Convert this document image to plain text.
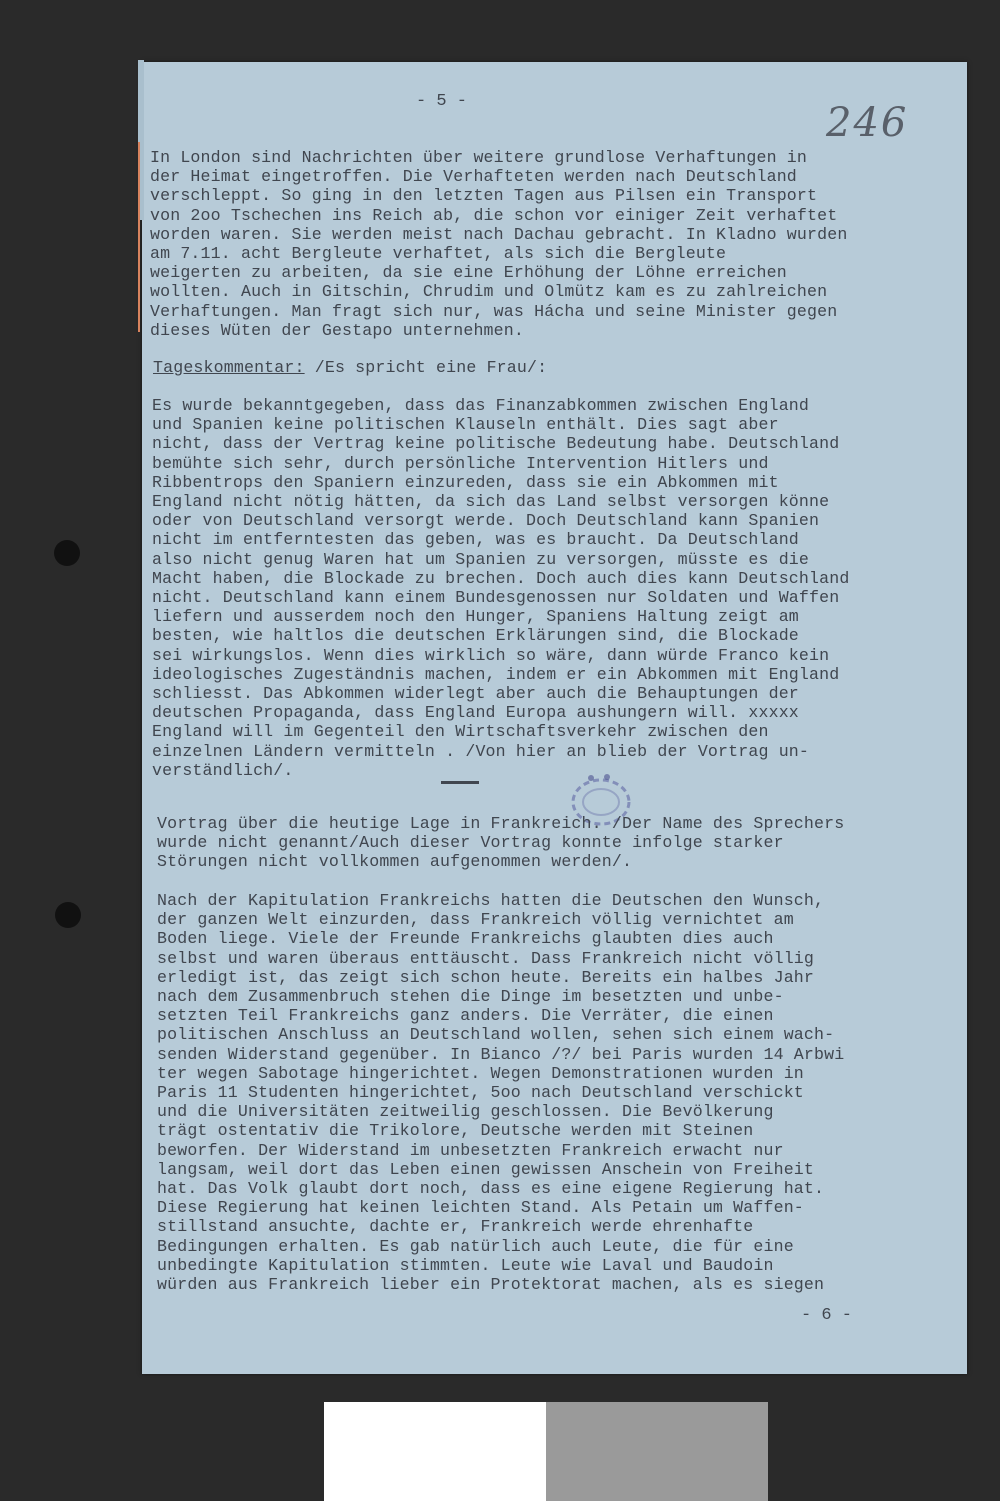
- 5 -	246
In London sind Nachrichten über weitere grundlose Verhaftungen in
der Heimat eingetroffen. Die Verhafteten werden nach Deutschland
verschleppt. So ging in den letzten Tagen aus Pilsen ein Transport
von 2oo Tschechen ins Reich ab, die schon vor einiger Zeit verhaftet
worden waren. Sie werden meist nach Dachau gebracht. In Kladno wurden
am 7.11. acht Bergleute verhaftet, als sich die Bergleute
weigerten zu arbeiten, da sie eine Erhöhung der Löhne erreichen
wollten. Auch in Gitschin, Chrudim und Olmütz kam es zu zahlreichen
Verhaftungen. Man fragt sich nur, was Hácha und seine Minister gegen
dieses Wüten der Gestapo unternehmen.
Tageskommentar: /Es spricht eine Frau/:
Es wurde bekanntgegeben, dass das Finanzabkommen zwischen England
und Spanien keine politischen Klauseln enthält. Dies sagt aber
nicht, dass der Vertrag keine politische Bedeutung habe. Deutschland
bemühte sich sehr, durch persönliche Intervention Hitlers und
Ribbentrops den Spaniern einzureden, dass sie ein Abkommen mit
England nicht nötig hätten, da sich das Land selbst versorgen könne
oder von Deutschland versorgt werde. Doch Deutschland kann Spanien
nicht im entferntesten das geben, was es braucht. Da Deutschland
also nicht genug Waren hat um Spanien zu versorgen, müsste es die
Macht haben, die Blockade zu brechen. Doch auch dies kann Deutschland
nicht. Deutschland kann einem Bundesgenossen nur Soldaten und Waffen
liefern und ausserdem noch den Hunger, Spaniens Haltung zeigt am
besten, wie haltlos die deutschen Erklärungen sind, die Blockade
sei wirkungslos. Wenn dies wirklich so wäre, dann würde Franco kein
ideologisches Zugeständnis machen, indem er ein Abkommen mit England
schliesst. Das Abkommen widerlegt aber auch die Behauptungen der
deutschen Propaganda, dass England Europa aushungern will. xxxxx
England will im Gegenteil den Wirtschaftsverkehr zwischen den
einzelnen Ländern vermitteln . /Von hier an blieb der Vortrag un-
verständlich/.
Vortrag über die heutige Lage in Frankreich. /Der Name des Sprechers
wurde nicht genannt/Auch dieser Vortrag konnte infolge starker
Störungen nicht vollkommen aufgenommen werden/.
Nach der Kapitulation Frankreichs hatten die Deutschen den Wunsch,
der ganzen Welt einzurden, dass Frankreich völlig vernichtet am
Boden liege. Viele der Freunde Frankreichs glaubten dies auch
selbst und waren überaus enttäuscht. Dass Frankreich nicht völlig
erledigt ist, das zeigt sich schon heute. Bereits ein halbes Jahr
nach dem Zusammenbruch stehen die Dinge im besetzten und unbe-
setzten Teil Frankreichs ganz anders. Die Verräter, die einen
politischen Anschluss an Deutschland wollen, sehen sich einem wach-
senden Widerstand gegenüber. In Bianco /?/ bei Paris wurden 14 Arbwi
ter wegen Sabotage hingerichtet. Wegen Demonstrationen wurden in
Paris 11 Studenten hingerichtet, 5oo nach Deutschland verschickt
und die Universitäten zeitweilig geschlossen. Die Bevölkerung
trägt ostentativ die Trikolore, Deutsche werden mit Steinen
beworfen. Der Widerstand im unbesetzten Frankreich erwacht nur
langsam, weil dort das Leben einen gewissen Anschein von Freiheit
hat. Das Volk glaubt dort noch, dass es eine eigene Regierung hat.
Diese Regierung hat keinen leichten Stand. Als Petain um Waffen-
stillstand ansuchte, dachte er, Frankreich werde ehrenhafte
Bedingungen erhalten. Es gab natürlich auch Leute, die für eine
unbedingte Kapitulation stimmten. Leute wie Laval und Baudoin
würden aus Frankreich lieber ein Protektorat machen, als es siegen
- 6 -
